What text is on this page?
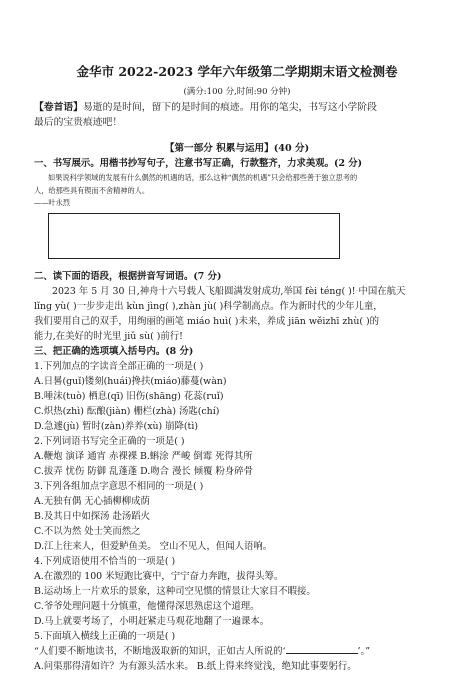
金华市 2022-2023 学年六年级第二学期期末语文检测卷
(满分:100 分,时间:90 分钟)

【卷首语】易逝的是时间，留下的是时间的痕迹。用你的笔尖，书写这小学阶段
最后的宝贵痕迹吧！

【第一部分 积累与运用】(40 分)

一、书写展示。用楷书抄写句子，注意书写正确，行款整齐，力求美观。(2 分)

如果说科学领域的发展有什么偶然的机遇的话，那么这种“偶然的机遇”只会给那些善于独立思考的
人，给那些具有锲而不舍精神的人。

——叶永烈

二、读下面的语段，根据拼音写词语。(7 分)

2023 年 5 月 30 日,神舟十六号载人飞船圆满发射成功,举国 fèi téng( )! 中国在航天
lǐng yù( )一步步走出 kùn jìng( ),zhàn jù( )科学制高点。作为新时代的少年儿童，
我们要用自己的双手，用绚丽的画笔 miáo huì( )未来，养成 jiān wěizhī zhù( )的
能力,在美好的时光里 jiǔ sù( )前行!

三、把正确的选项填入括号内。(8 分)

1.下列加点的字读音全部正确的一项是( )
A.日晷(guǐ)镂刻(huái)搀扶(miáo)藤蔓(wàn)
B.唾沫(tuò) 栖息(qī) 旧伤(shāng) 花蕊(ruǐ)
C.炽热(zhì) 酝酿(jiàn) 栅栏(zhà) 汤匙(chí)
D.急遽(jù) 暂时(zàn)养养(xù) 崩降(tì)
2.下列词语书写完全正确的一项是( )
A.鞭炮 演译 通宵 赤裸裸 B.蝌涂 严峻 倒霉 死得其所
C.拔弄 忧伤 防御 乱蓬蓬 D.吻合 漫长 倾覆 粉身碎骨
3.下列各组加点字意思不相同的一项是( )
A.无独有偶 无心插柳柳成荫
B.及其日中如探汤 赴汤蹈火
C.不以为然 处士笑而然之
D.江上往来人，但爱鲈鱼美。 空山不见人，但闻人语响。
4.下列成语使用不恰当的一项是( )
A.在激烈的 100 米短跑比赛中，宁宁奋力奔跑，拔得头筹。
B.运动场上一片欢乐的景象，这种司空见惯的情景让大家目不暇接。
C.爷爷处理问题十分慎重，他懂得深思熟虑这个道理。
D.马上就要考场了，小明赶紧走马观花地翻了一遍课本。
5.下面填入横线上正确的一项是( )
“人们要不断地读书，不断地汲取新的知识，正如古人所说的‘	’。”
A.问渠那得清如许？为有源头活水来。 B.纸上得来终觉浅，绝知此事要躬行。
